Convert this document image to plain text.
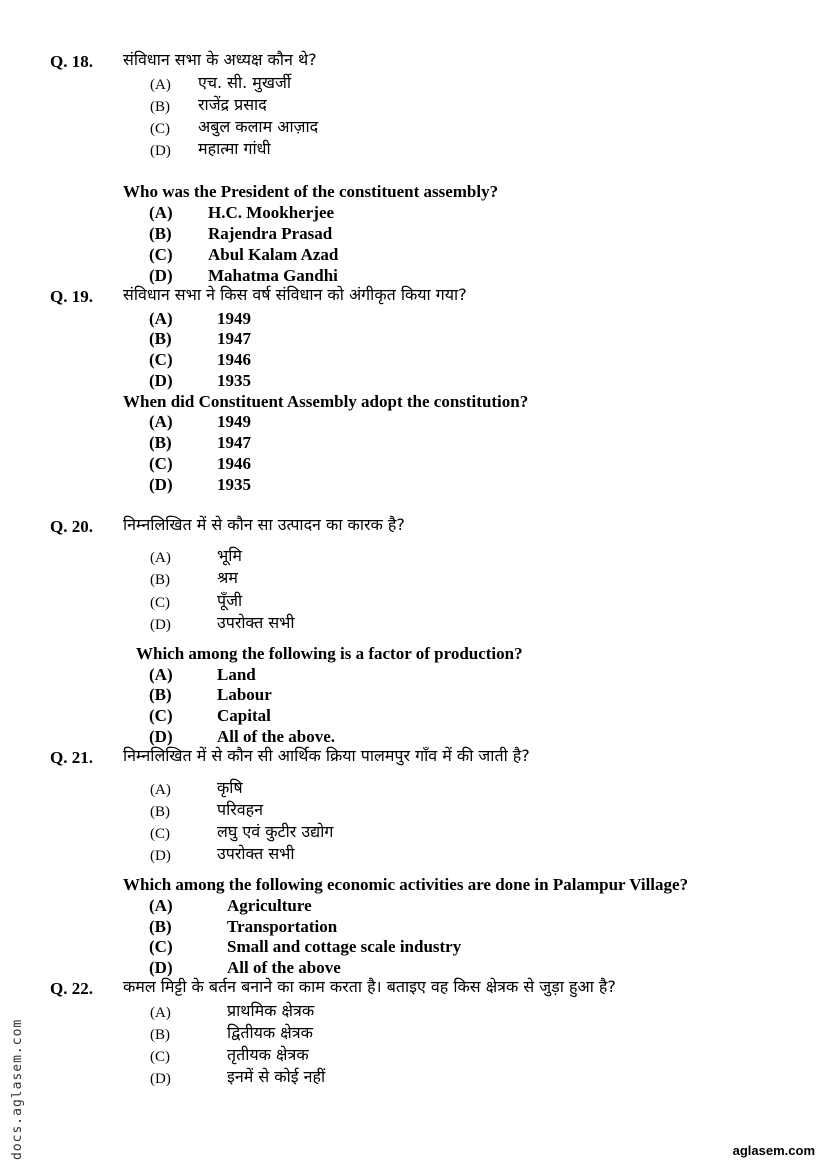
Q. 18. संविधान सभा के अध्यक्ष कौन थे?
(A) एच. सी. मुखर्जी
(B) राजेंद्र प्रसाद
(C) अबुल कलाम आज़ाद
(D) महात्मा गांधी
Who was the President of the constituent assembly?
(A) H.C. Mookherjee
(B) Rajendra Prasad
(C) Abul Kalam Azad
(D) Mahatma Gandhi
Q. 19. संविधान सभा ने किस वर्ष संविधान को अंगीकृत किया गया?
(A)	1949
(B)	1947
(C)	1946
(D)	1935
When did Constituent Assembly adopt the constitution?
(A)	1949
(B)	1947
(C)	1946
(D)	1935
Q. 20. निम्नलिखित में से कौन सा उत्पादन का कारक है?
(A)	भूमि
(B)	श्रम
(C)	पूँजी
(D)	उपरोक्त सभी
Which among the following is a factor of production?
(A)	Land
(B)	Labour
(C)	Capital
(D)	All of the above.
Q. 21. निम्नलिखित में से कौन सी आर्थिक क्रिया पालमपुर गाँव में की जाती है?
(A)	कृषि
(B)	परिवहन
(C)	लघु एवं कुटीर उद्योग
(D)	उपरोक्त सभी
Which among the following economic activities are done in Palampur Village?
(A)	Agriculture
(B)	Transportation
(C)	Small and cottage scale industry
(D)	All of the above
Q. 22. कमल मिट्टी के बर्तन बनाने का काम करता है। बताइए वह किस क्षेत्रक से जुड़ा हुआ है?
(A)	प्राथमिक क्षेत्रक
(B)	द्वितीयक क्षेत्रक
(C)	तृतीयक क्षेत्रक
(D)	इनमें से कोई नहीं
docs.aglasem.com	aglasem.com
